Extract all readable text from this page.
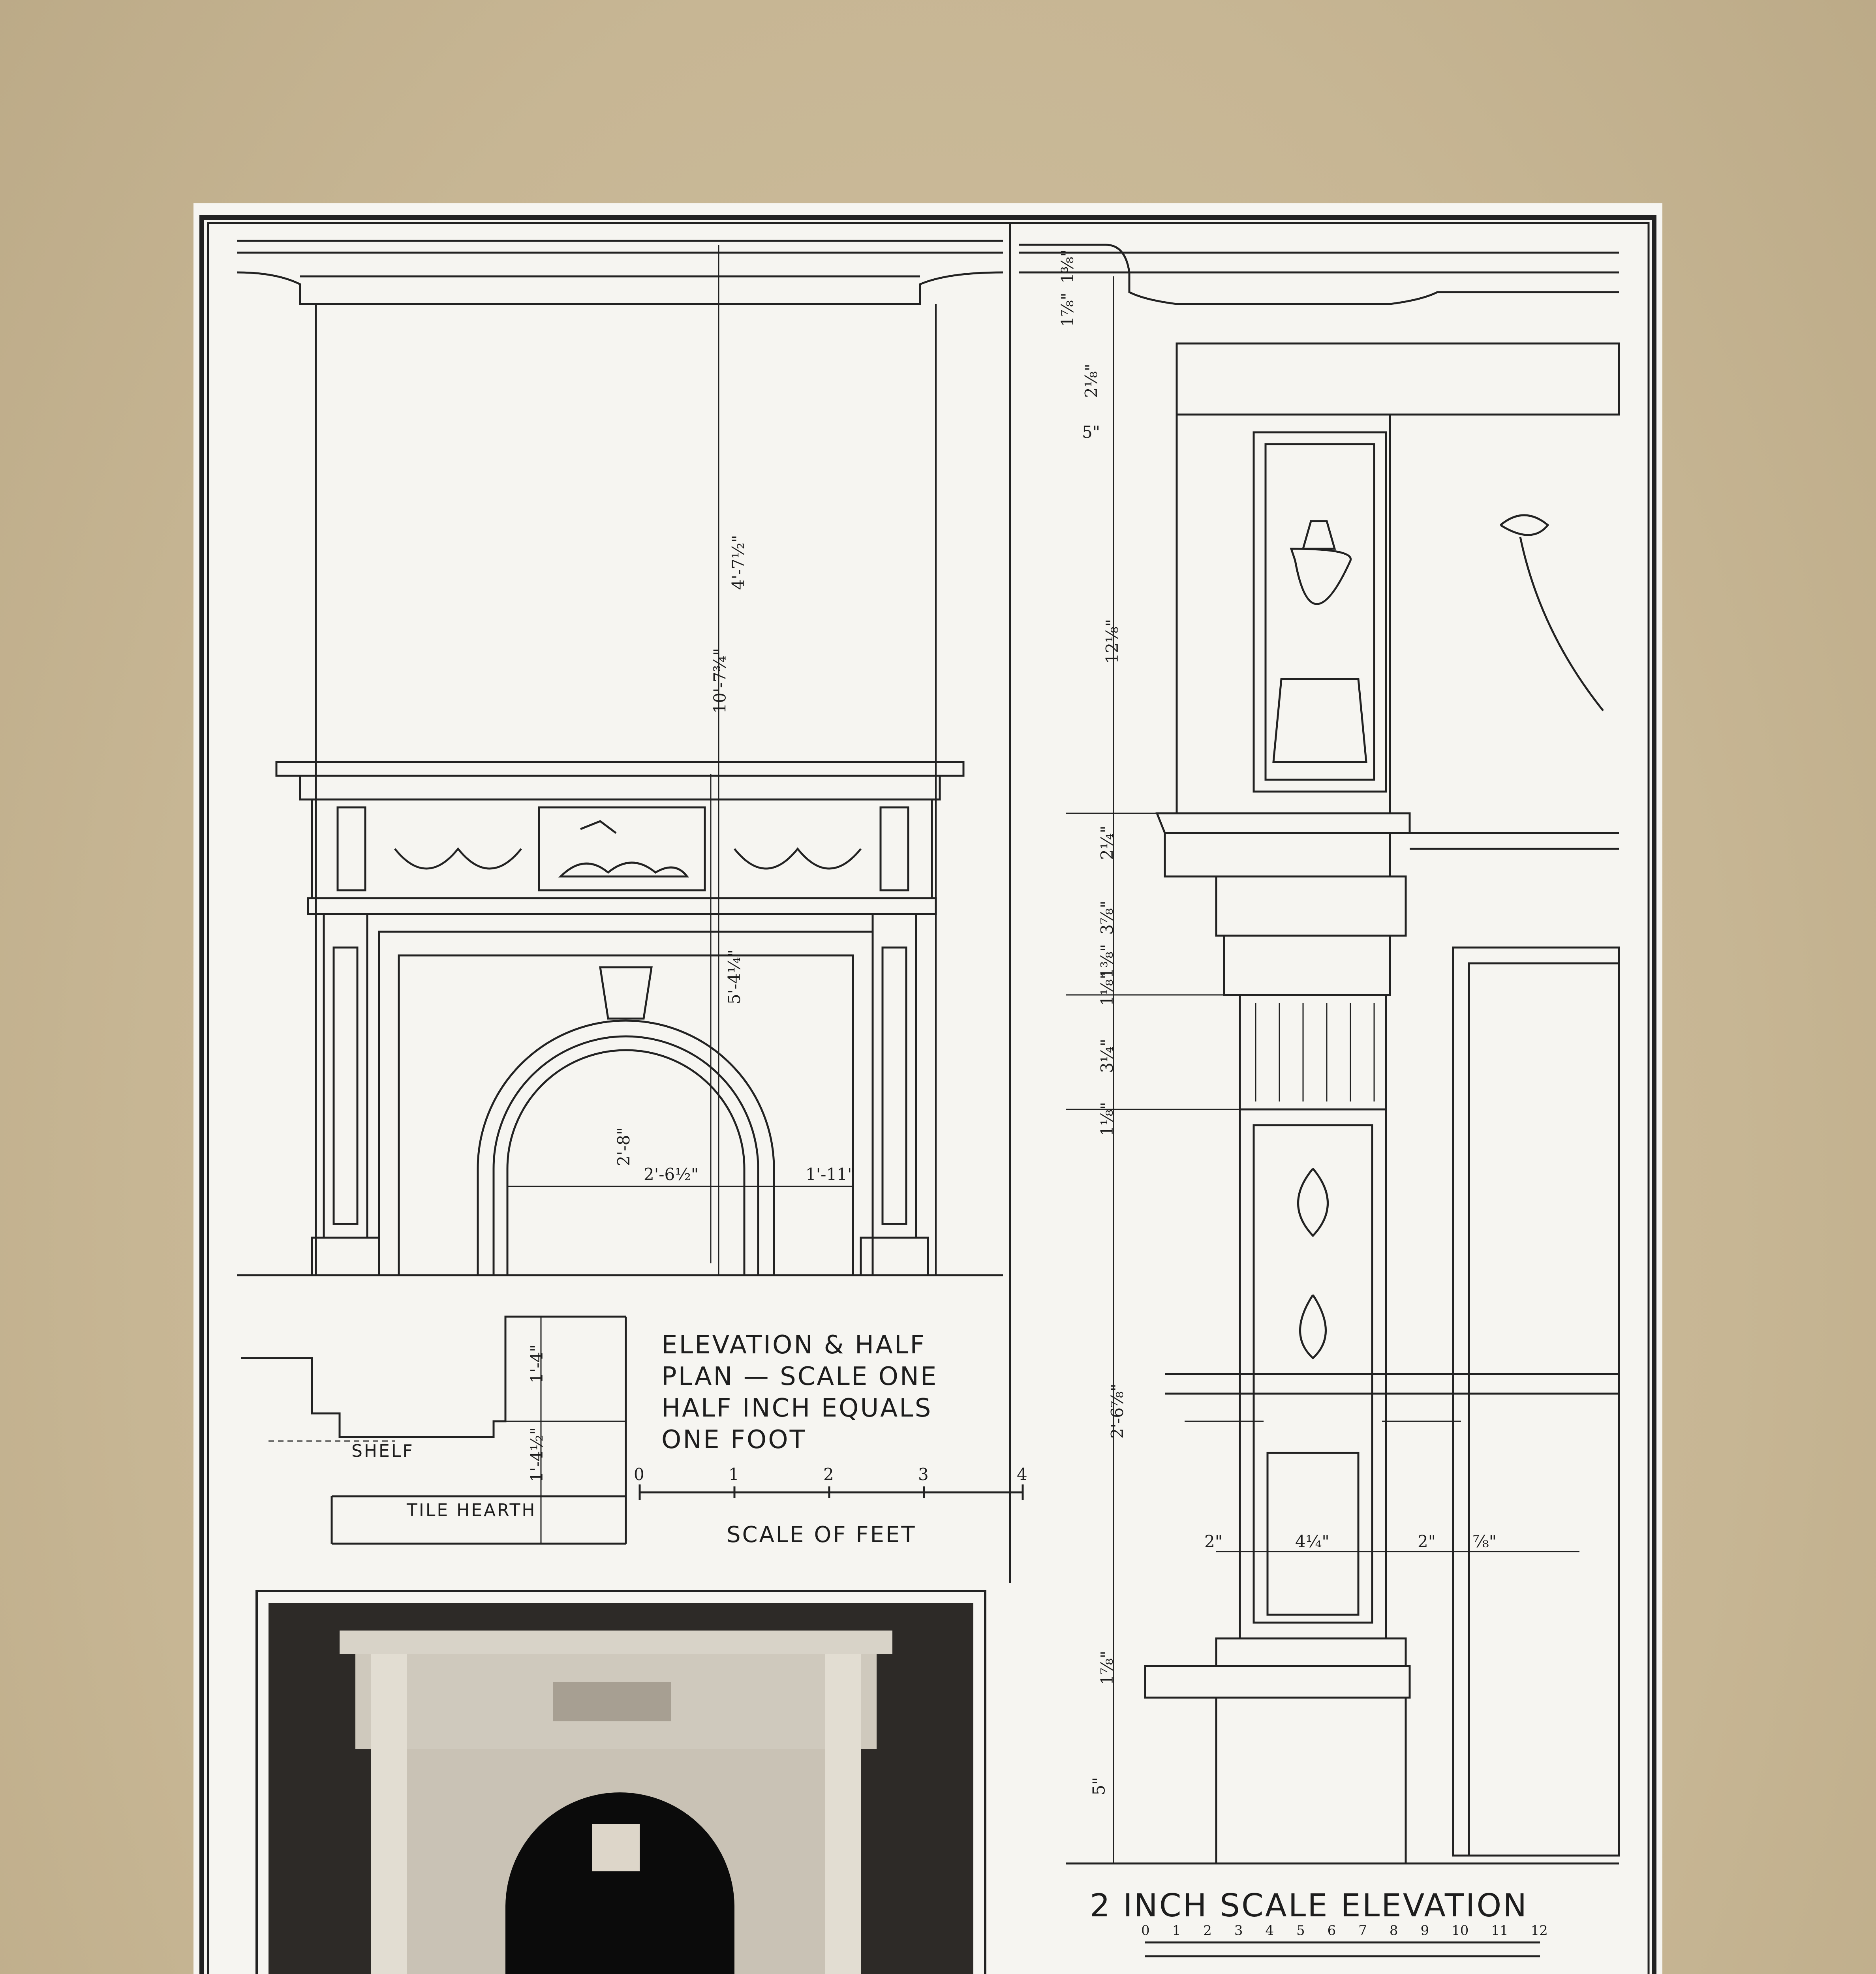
ELEVATION & HALF

PLAN — SCALE ONE

HALF INCH EQUALS

ONE FOOT

0	1	2	3	4

SCALE OF FEET

SHELF

TILE HEARTH

10'-7¾"

4'-7½"

5'-4¼"

2'-8"

2'-6½"	1'-11"

1'-4"

1'-4½"

1⅜"

1⅞"

2⅛"

5"

12⅛"

2¼"

3⅞"

1⅜"

1⅛"

3¼"

1⅛"

2'-6⅞"

1⅞"

5"

2"	4¼"	2" ⅞"

2 INCH SCALE ELEVATION

0 1 2 3 4 5 6 7 8 9 10 11 12
